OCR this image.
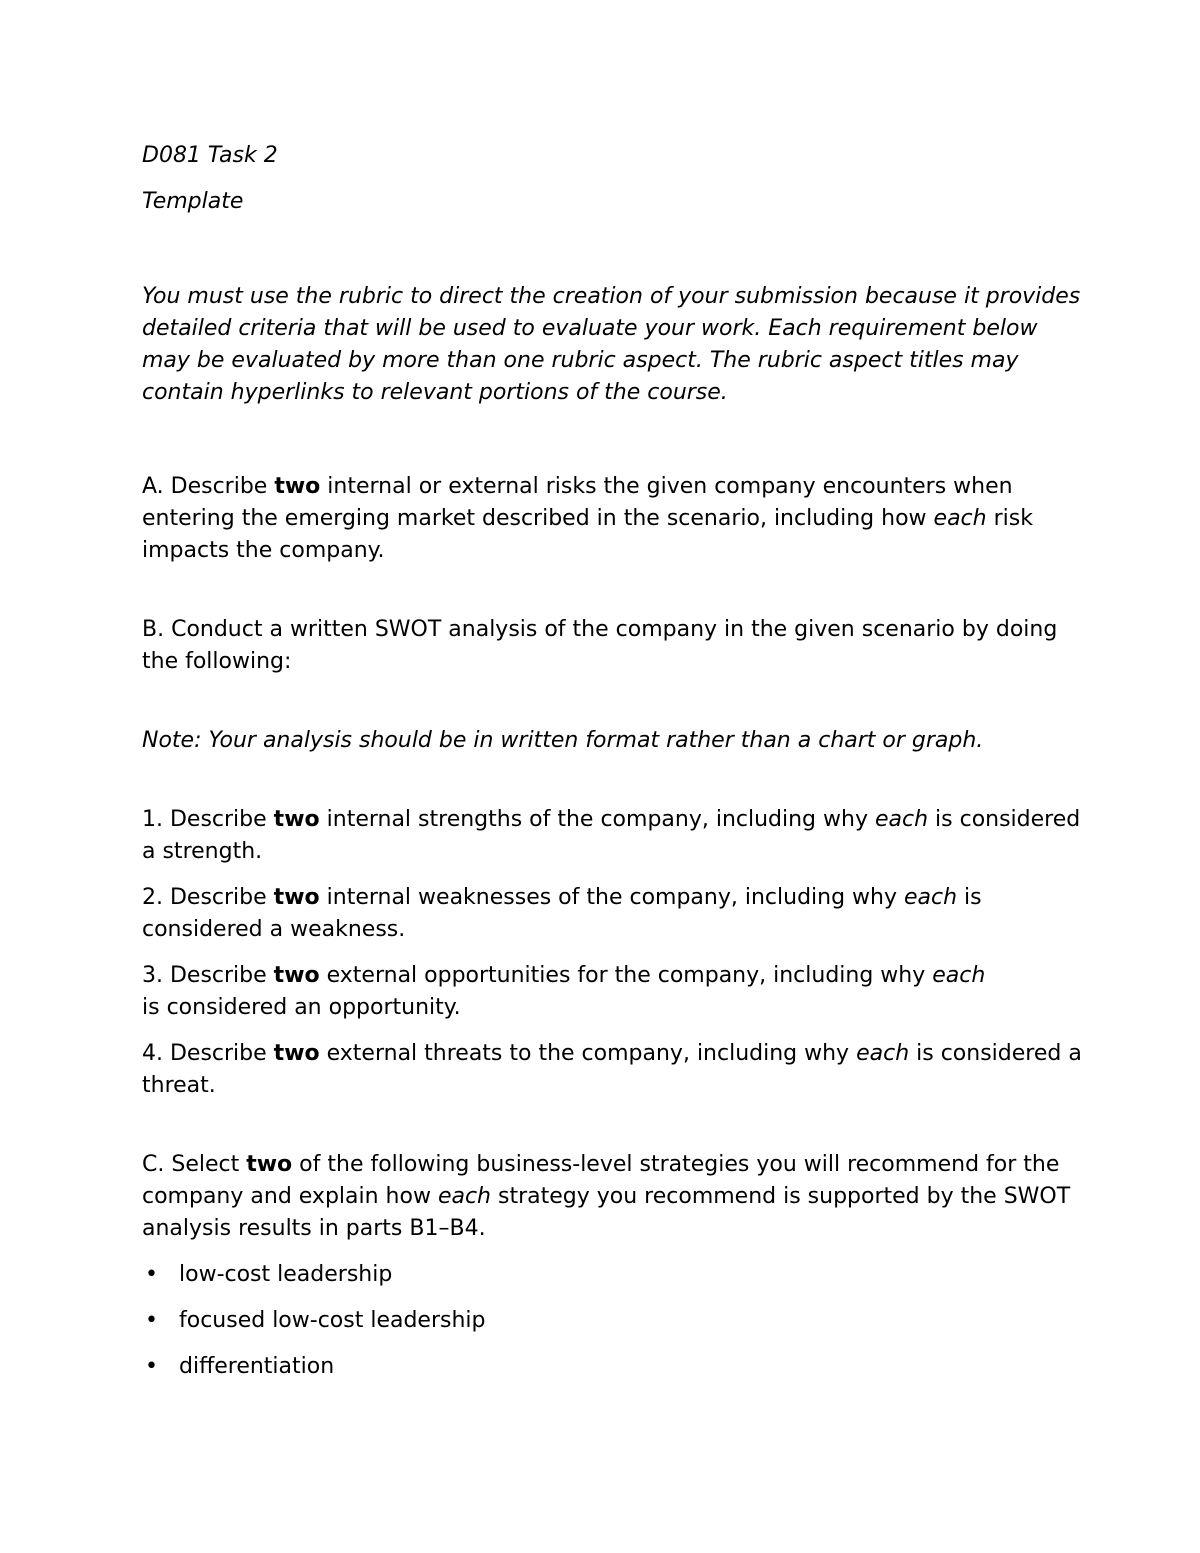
D081 Task 2

Template

You must use the rubric to direct the creation of your submission because it provides detailed criteria that will be used to evaluate your work. Each requirement below may be evaluated by more than one rubric aspect. The rubric aspect titles may contain hyperlinks to relevant portions of the course.

A. Describe two internal or external risks the given company encounters when entering the emerging market described in the scenario, including how each risk impacts the company.

B. Conduct a written SWOT analysis of the company in the given scenario by doing the following:

Note: Your analysis should be in written format rather than a chart or graph.

1. Describe two internal strengths of the company, including why each is considered a strength.

2. Describe two internal weaknesses of the company, including why each is considered a weakness.

3. Describe two external opportunities for the company, including why each is considered an opportunity.

4. Describe two external threats to the company, including why each is considered a threat.

C. Select two of the following business-level strategies you will recommend for the company and explain how each strategy you recommend is supported by the SWOT analysis results in parts B1–B4.

• low-cost leadership
• focused low-cost leadership
• differentiation
